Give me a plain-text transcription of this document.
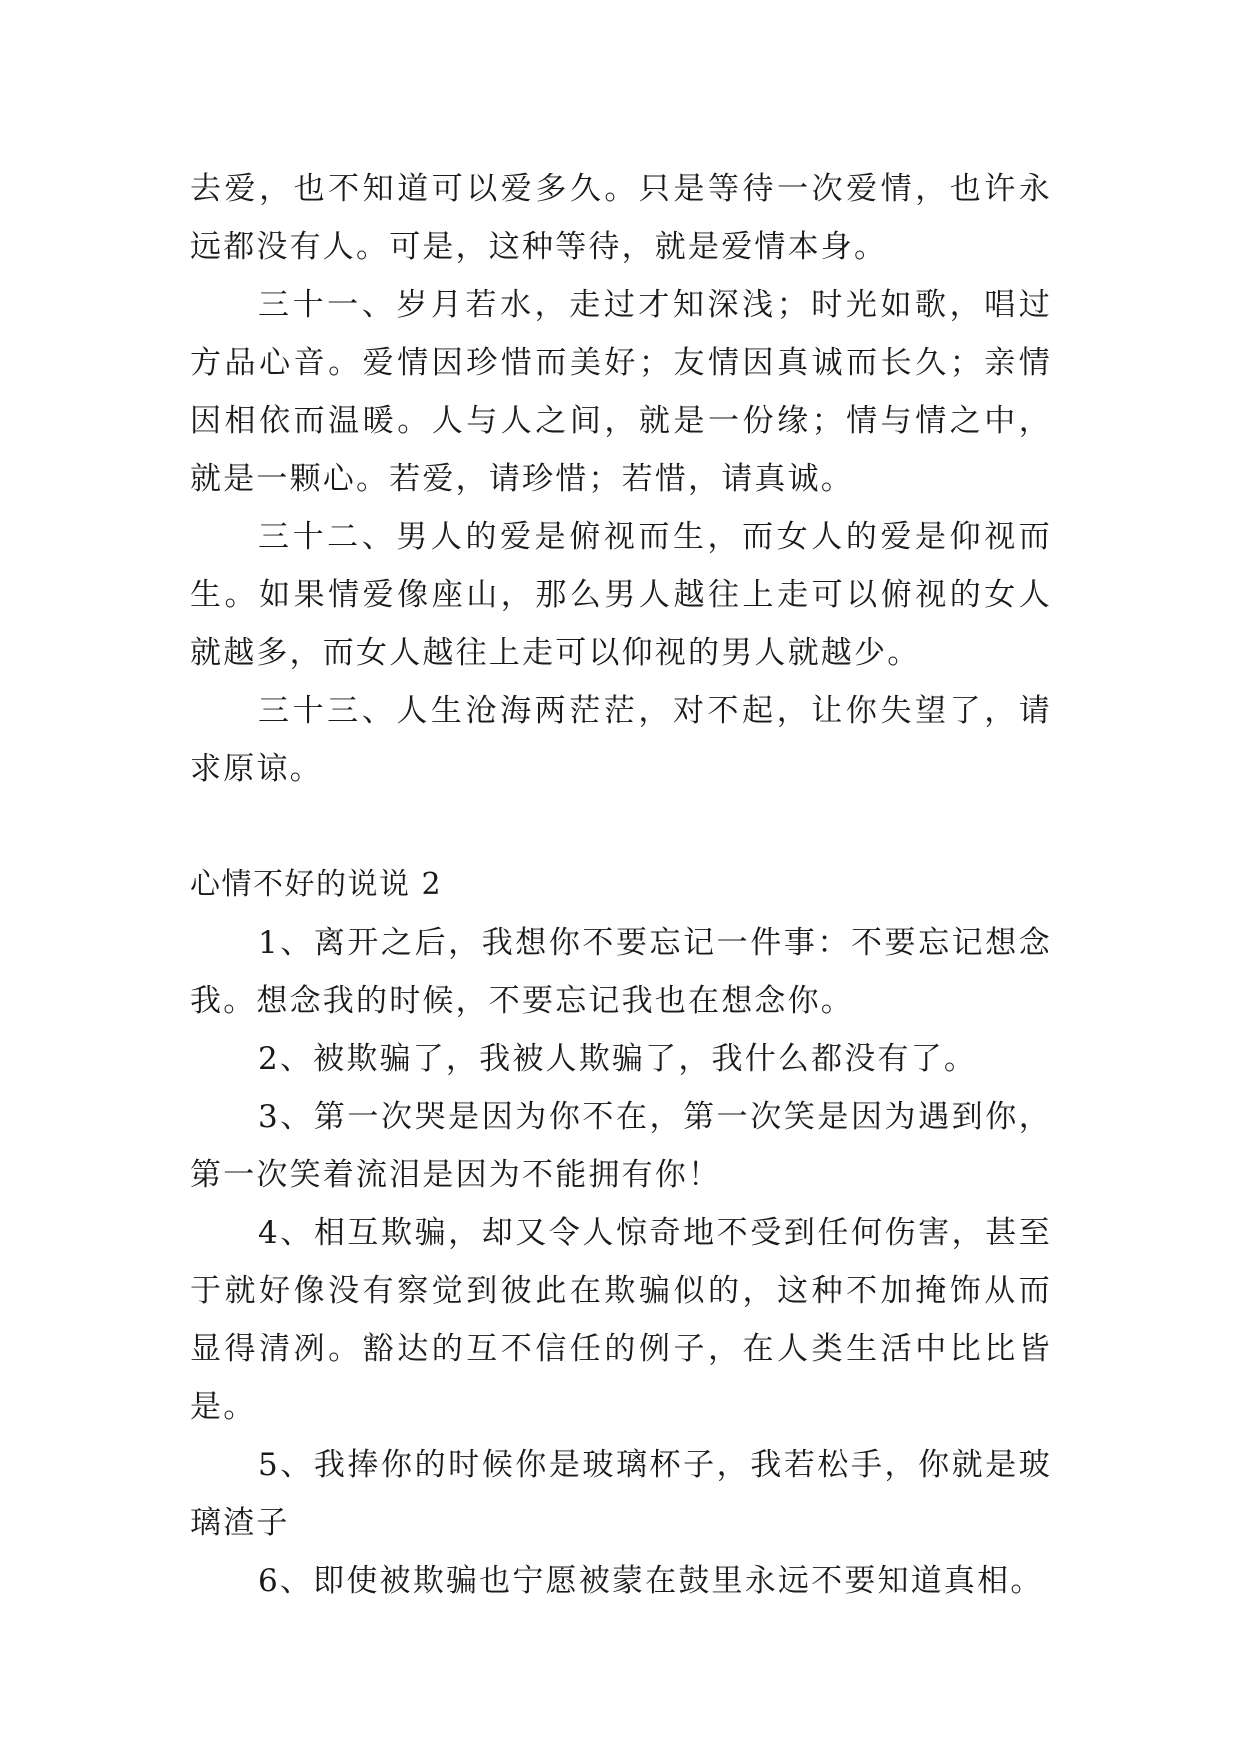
去爱，也不知道可以爱多久。只是等待一次爱情，也许永远都没有人。可是，这种等待，就是爱情本身。

三十一、岁月若水，走过才知深浅；时光如歌，唱过方品心音。爱情因珍惜而美好；友情因真诚而长久；亲情因相依而温暖。人与人之间，就是一份缘；情与情之中，就是一颗心。若爱，请珍惜；若惜，请真诚。

三十二、男人的爱是俯视而生，而女人的爱是仰视而生。如果情爱像座山，那么男人越往上走可以俯视的女人就越多，而女人越往上走可以仰视的男人就越少。

三十三、人生沧海两茫茫，对不起，让你失望了，请求原谅。

心情不好的说说 2

1、离开之后，我想你不要忘记一件事：不要忘记想念我。想念我的时候，不要忘记我也在想念你。

2、被欺骗了，我被人欺骗了，我什么都没有了。

3、第一次哭是因为你不在，第一次笑是因为遇到你，第一次笑着流泪是因为不能拥有你！

4、相互欺骗，却又令人惊奇地不受到任何伤害，甚至于就好像没有察觉到彼此在欺骗似的，这种不加掩饰从而显得清冽。豁达的互不信任的例子，在人类生活中比比皆是。

5、我捧你的时候你是玻璃杯子，我若松手，你就是玻璃渣子

6、即使被欺骗也宁愿被蒙在鼓里永远不要知道真相。
